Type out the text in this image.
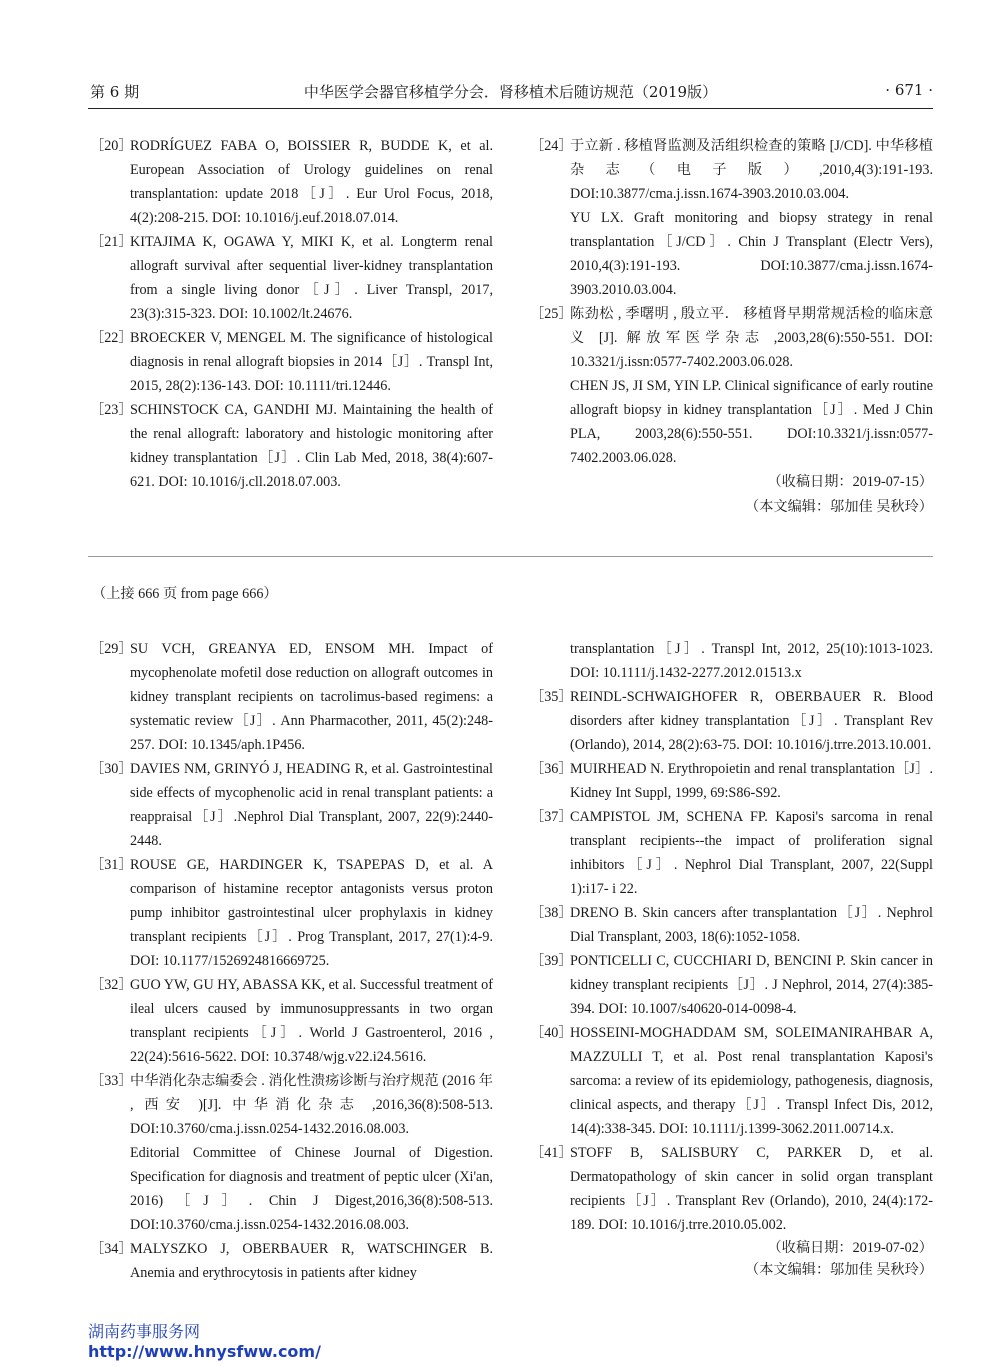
第 6 期	中华医学会器官移植学分会．肾移植术后随访规范（2019版）	· 671 ·
［20］
RODRÍGUEZ FABA O, BOISSIER R, BUDDE K, et al. European Association of Urology guidelines on renal transplantation: update 2018［J］. Eur Urol Focus, 2018, 4(2):208-215. DOI: 10.1016/j.euf.2018.07.014.
［21］
KITAJIMA K, OGAWA Y, MIKI K, et al. Longterm renal allograft survival after sequential liver-kidney transplantation from a single living donor［J］. Liver Transpl, 2017, 23(3):315-323. DOI: 10.1002/lt.24676.
［22］
BROECKER V, MENGEL M. The significance of histological diagnosis in renal allograft biopsies in 2014［J］. Transpl Int, 2015, 28(2):136-143. DOI: 10.1111/tri.12446.
［23］
SCHINSTOCK CA, GANDHI MJ. Maintaining the health of the renal allograft: laboratory and histologic monitoring after kidney transplantation［J］. Clin Lab Med, 2018, 38(4):607-621. DOI: 10.1016/j.cll.2018.07.003.
［24］
于立新 . 移植肾监测及活组织检查的策略 [J/CD]. 中华移植杂志（电子版）,2010,4(3):191-193. DOI:10.3877/cma.j.issn.1674-3903.2010.03.004.
YU LX. Graft monitoring and biopsy strategy in renal transplantation［J/CD］. Chin J Transplant (Electr Vers), 2010,4(3):191-193. DOI:10.3877/cma.j.issn.1674-3903.2010.03.004.
［25］
陈劲松 , 季曙明 , 殷立平． 移植肾早期常规活检的临床意义 [J]. 解放军医学杂志 ,2003,28(6):550-551. DOI: 10.3321/j.issn:0577-7402.2003.06.028.
CHEN JS, JI SM, YIN LP. Clinical significance of early routine allograft biopsy in kidney transplantation［J］. Med J Chin PLA, 2003,28(6):550-551. DOI:10.3321/j.issn:0577-7402.2003.06.028.
（收稿日期：2019-07-15）
（本文编辑：邬加佳 吴秋玲）
（上接 666 页 from page 666）
［29］
SU VCH, GREANYA ED, ENSOM MH. Impact of mycophenolate mofetil dose reduction on allograft outcomes in kidney transplant recipients on tacrolimus-based regimens: a systematic review［J］. Ann Pharmacother, 2011, 45(2):248-257. DOI: 10.1345/aph.1P456.
［30］
DAVIES NM, GRINYÓ J, HEADING R, et al. Gastrointestinal side effects of mycophenolic acid in renal transplant patients: a reappraisal［J］.Nephrol Dial Transplant, 2007, 22(9):2440-2448.
［31］
ROUSE GE, HARDINGER K, TSAPEPAS D, et al. A comparison of histamine receptor antagonists versus proton pump inhibitor gastrointestinal ulcer prophylaxis in kidney transplant recipients［J］. Prog Transplant, 2017, 27(1):4-9. DOI: 10.1177/1526924816669725.
［32］
GUO YW, GU HY, ABASSA KK, et al. Successful treatment of ileal ulcers caused by immunosuppressants in two organ transplant recipients［J］. World J Gastroenterol, 2016 , 22(24):5616-5622. DOI: 10.3748/wjg.v22.i24.5616.
［33］
中华消化杂志编委会 . 消化性溃疡诊断与治疗规范 (2016 年 , 西安 )[J]. 中华消化杂志 ,2016,36(8):508-513. DOI:10.3760/cma.j.issn.0254-1432.2016.08.003.
Editorial Committee of Chinese Journal of Digestion. Specification for diagnosis and treatment of peptic ulcer (Xi'an, 2016)［J］. Chin J Digest,2016,36(8):508-513. DOI:10.3760/cma.j.issn.0254-1432.2016.08.003.
［34］
MALYSZKO J, OBERBAUER R, WATSCHINGER B. Anemia and erythrocytosis in patients after kidney
transplantation［J］. Transpl Int, 2012, 25(10):1013-1023. DOI: 10.1111/j.1432-2277.2012.01513.x
［35］
REINDL-SCHWAIGHOFER R, OBERBAUER R. Blood disorders after kidney transplantation［J］. Transplant Rev (Orlando), 2014, 28(2):63-75. DOI: 10.1016/j.trre.2013.10.001.
［36］
MUIRHEAD N. Erythropoietin and renal transplantation［J］. Kidney Int Suppl, 1999, 69:S86-S92.
［37］
CAMPISTOL JM, SCHENA FP. Kaposi's sarcoma in renal transplant recipients--the impact of proliferation signal inhibitors［J］. Nephrol Dial Transplant, 2007, 22(Suppl 1):i17- i 22.
［38］
DRENO B. Skin cancers after transplantation［J］. Nephrol Dial Transplant, 2003, 18(6):1052-1058.
［39］
PONTICELLI C, CUCCHIARI D, BENCINI P. Skin cancer in kidney transplant recipients［J］. J Nephrol, 2014, 27(4):385-394. DOI: 10.1007/s40620-014-0098-4.
［40］
HOSSEINI-MOGHADDAM SM, SOLEIMANIRAHBAR A, MAZZULLI T, et al. Post renal transplantation Kaposi's sarcoma: a review of its epidemiology, pathogenesis, diagnosis, clinical aspects, and therapy［J］. Transpl Infect Dis, 2012, 14(4):338-345. DOI: 10.1111/j.1399-3062.2011.00714.x.
［41］
STOFF B, SALISBURY C, PARKER D, et al. Dermatopathology of skin cancer in solid organ transplant recipients［J］. Transplant Rev (Orlando), 2010, 24(4):172-189. DOI: 10.1016/j.trre.2010.05.002.
（收稿日期：2019-07-02）
（本文编辑：邬加佳 吴秋玲）
湖南药事服务网
http://www.hnysfww.com/
